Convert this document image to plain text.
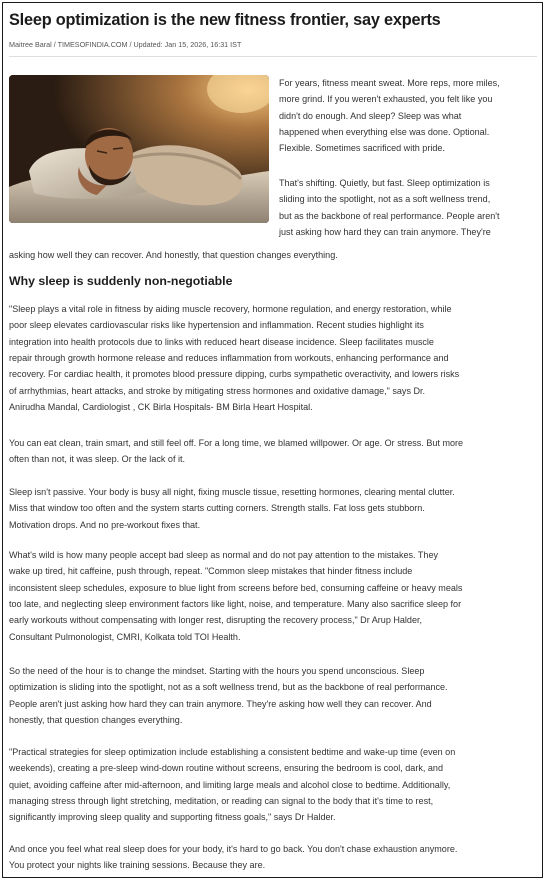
Sleep optimization is the new fitness frontier, say experts
Maitree Baral / TIMESOFINDIA.COM / Updated: Jan 15, 2026, 16:31 IST
For years, fitness meant sweat. More reps, more miles,
more grind. If you weren't exhausted, you felt like you
didn't do enough. And sleep? Sleep was what
happened when everything else was done. Optional.
Flexible. Sometimes sacrificed with pride.
That's shifting. Quietly, but fast. Sleep optimization is
sliding into the spotlight, not as a soft wellness trend,
but as the backbone of real performance. People aren't
just asking how hard they can train anymore. They're
asking how well they can recover. And honestly, that question changes everything.
Why sleep is suddenly non-negotiable
"Sleep plays a vital role in fitness by aiding muscle recovery, hormone regulation, and energy restoration, while
poor sleep elevates cardiovascular risks like hypertension and inflammation. Recent studies highlight its
integration into health protocols due to links with reduced heart disease incidence. Sleep facilitates muscle
repair through growth hormone release and reduces inflammation from workouts, enhancing performance and
recovery. For cardiac health, it promotes blood pressure dipping, curbs sympathetic overactivity, and lowers risks
of arrhythmias, heart attacks, and stroke by mitigating stress hormones and oxidative damage," says Dr.
Anirudha Mandal, Cardiologist , CK Birla Hospitals- BM Birla Heart Hospital.
You can eat clean, train smart, and still feel off. For a long time, we blamed willpower. Or age. Or stress. But more
often than not, it was sleep. Or the lack of it.
Sleep isn't passive. Your body is busy all night, fixing muscle tissue, resetting hormones, clearing mental clutter.
Miss that window too often and the system starts cutting corners. Strength stalls. Fat loss gets stubborn.
Motivation drops. And no pre-workout fixes that.
What's wild is how many people accept bad sleep as normal and do not pay attention to the mistakes. They
wake up tired, hit caffeine, push through, repeat. "Common sleep mistakes that hinder fitness include
inconsistent sleep schedules, exposure to blue light from screens before bed, consuming caffeine or heavy meals
too late, and neglecting sleep environment factors like light, noise, and temperature. Many also sacrifice sleep for
early workouts without compensating with longer rest, disrupting the recovery process," Dr Arup Halder,
Consultant Pulmonologist, CMRI, Kolkata told TOI Health.
So the need of the hour is to change the mindset. Starting with the hours you spend unconscious. Sleep
optimization is sliding into the spotlight, not as a soft wellness trend, but as the backbone of real performance.
People aren't just asking how hard they can train anymore. They're asking how well they can recover. And
honestly, that question changes everything.
"Practical strategies for sleep optimization include establishing a consistent bedtime and wake-up time (even on
weekends), creating a pre-sleep wind-down routine without screens, ensuring the bedroom is cool, dark, and
quiet, avoiding caffeine after mid-afternoon, and limiting large meals and alcohol close to bedtime. Additionally,
managing stress through light stretching, meditation, or reading can signal to the body that it's time to rest,
significantly improving sleep quality and supporting fitness goals," says Dr Halder.
And once you feel what real sleep does for your body, it's hard to go back. You don't chase exhaustion anymore.
You protect your nights like training sessions. Because they are.
